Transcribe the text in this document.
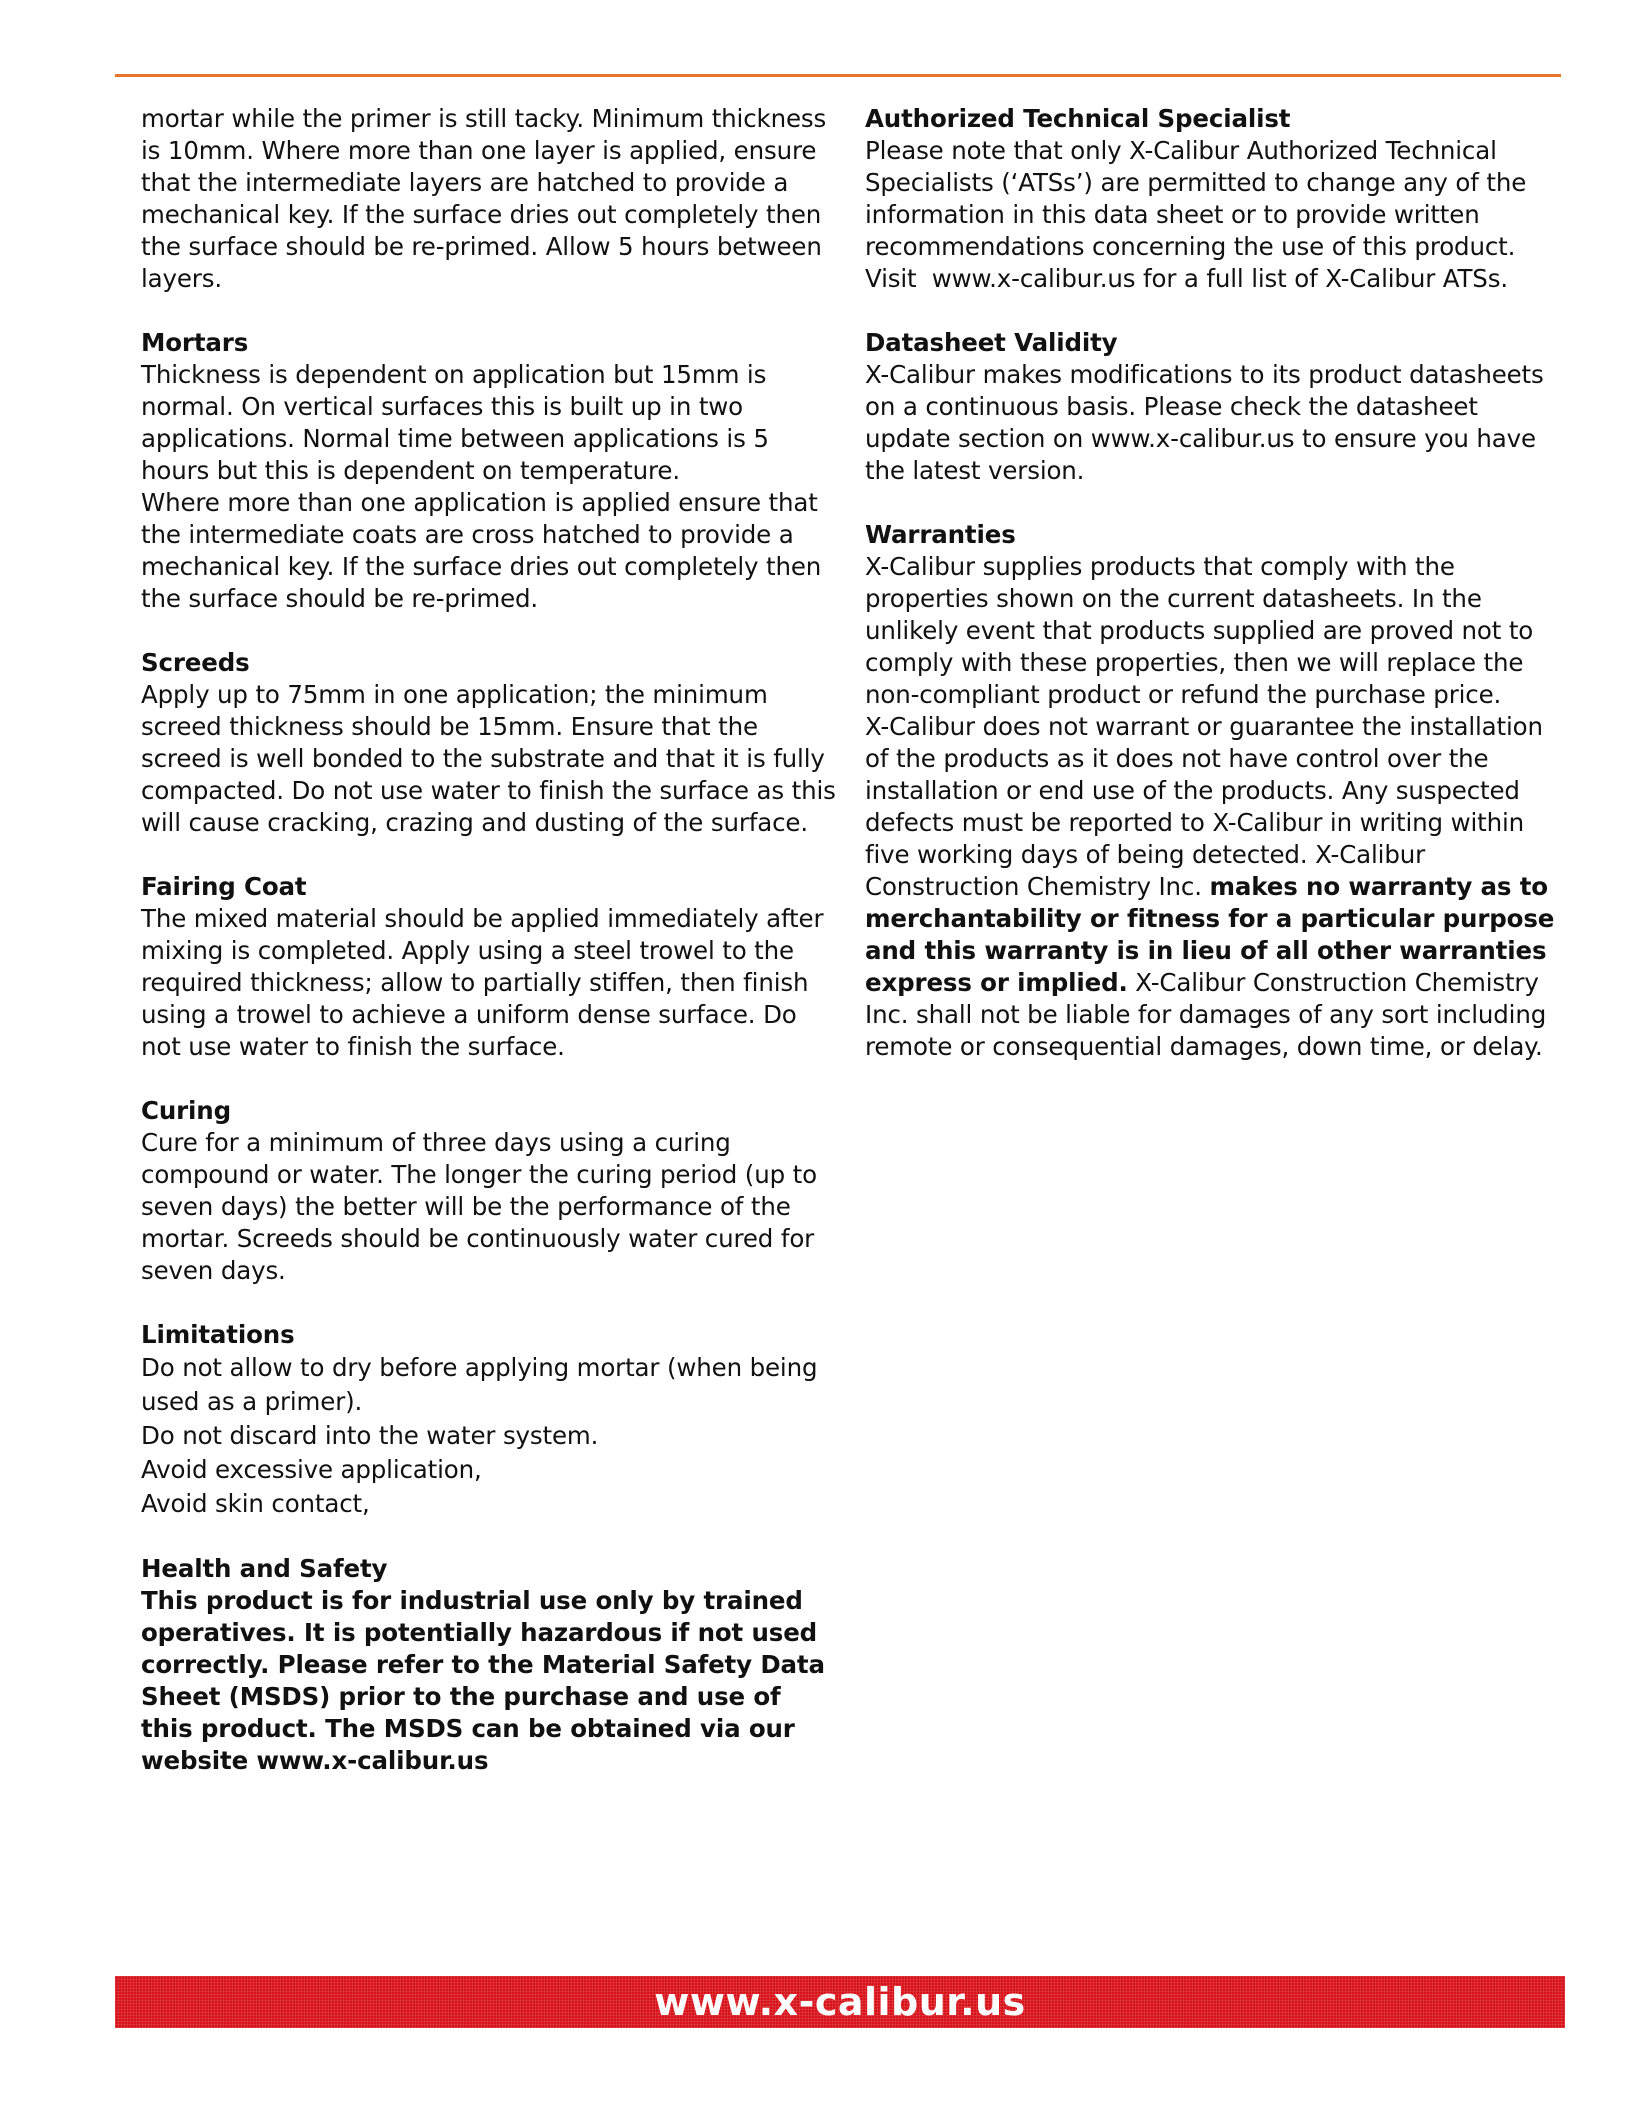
mortar while the primer is still tacky. Minimum thickness
is 10mm. Where more than one layer is applied, ensure
that the intermediate layers are hatched to provide a
mechanical key. If the surface dries out completely then
the surface should be re-primed. Allow 5 hours between
layers.
Mortars
Thickness is dependent on application but 15mm is
normal. On vertical surfaces this is built up in two
applications. Normal time between applications is 5
hours but this is dependent on temperature.
Where more than one application is applied ensure that
the intermediate coats are cross hatched to provide a
mechanical key. If the surface dries out completely then
the surface should be re-primed.
Screeds
Apply up to 75mm in one application; the minimum
screed thickness should be 15mm. Ensure that the
screed is well bonded to the substrate and that it is fully
compacted. Do not use water to finish the surface as this
will cause cracking, crazing and dusting of the surface.
Fairing Coat
The mixed material should be applied immediately after
mixing is completed. Apply using a steel trowel to the
required thickness; allow to partially stiffen, then finish
using a trowel to achieve a uniform dense surface. Do
not use water to finish the surface.
Curing
Cure for a minimum of three days using a curing
compound or water. The longer the curing period (up to
seven days) the better will be the performance of the
mortar. Screeds should be continuously water cured for
seven days.
Limitations
Do not allow to dry before applying mortar (when being
used as a primer).
Do not discard into the water system.
Avoid excessive application,
Avoid skin contact,
Health and Safety
This product is for industrial use only by trained
operatives. It is potentially hazardous if not used
correctly. Please refer to the Material Safety Data
Sheet (MSDS) prior to the purchase and use of
this product. The MSDS can be obtained via our
website www.x-calibur.us
Authorized Technical Specialist
Please note that only X-Calibur Authorized Technical
Specialists (‘ATSs’) are permitted to change any of the
information in this data sheet or to provide written
recommendations concerning the use of this product.
Visit  www.x-calibur.us for a full list of X-Calibur ATSs.
Datasheet Validity
X-Calibur makes modifications to its product datasheets
on a continuous basis. Please check the datasheet
update section on www.x-calibur.us to ensure you have
the latest version.
Warranties
X-Calibur supplies products that comply with the
properties shown on the current datasheets. In the
unlikely event that products supplied are proved not to
comply with these properties, then we will replace the
non-compliant product or refund the purchase price.
X-Calibur does not warrant or guarantee the installation
of the products as it does not have control over the
installation or end use of the products. Any suspected
defects must be reported to X-Calibur in writing within
five working days of being detected. X-Calibur
Construction Chemistry Inc. makes no warranty as to
merchantability or fitness for a particular purpose
and this warranty is in lieu of all other warranties
express or implied. X-Calibur Construction Chemistry
Inc. shall not be liable for damages of any sort including
remote or consequential damages, down time, or delay.
www.x-calibur.us
